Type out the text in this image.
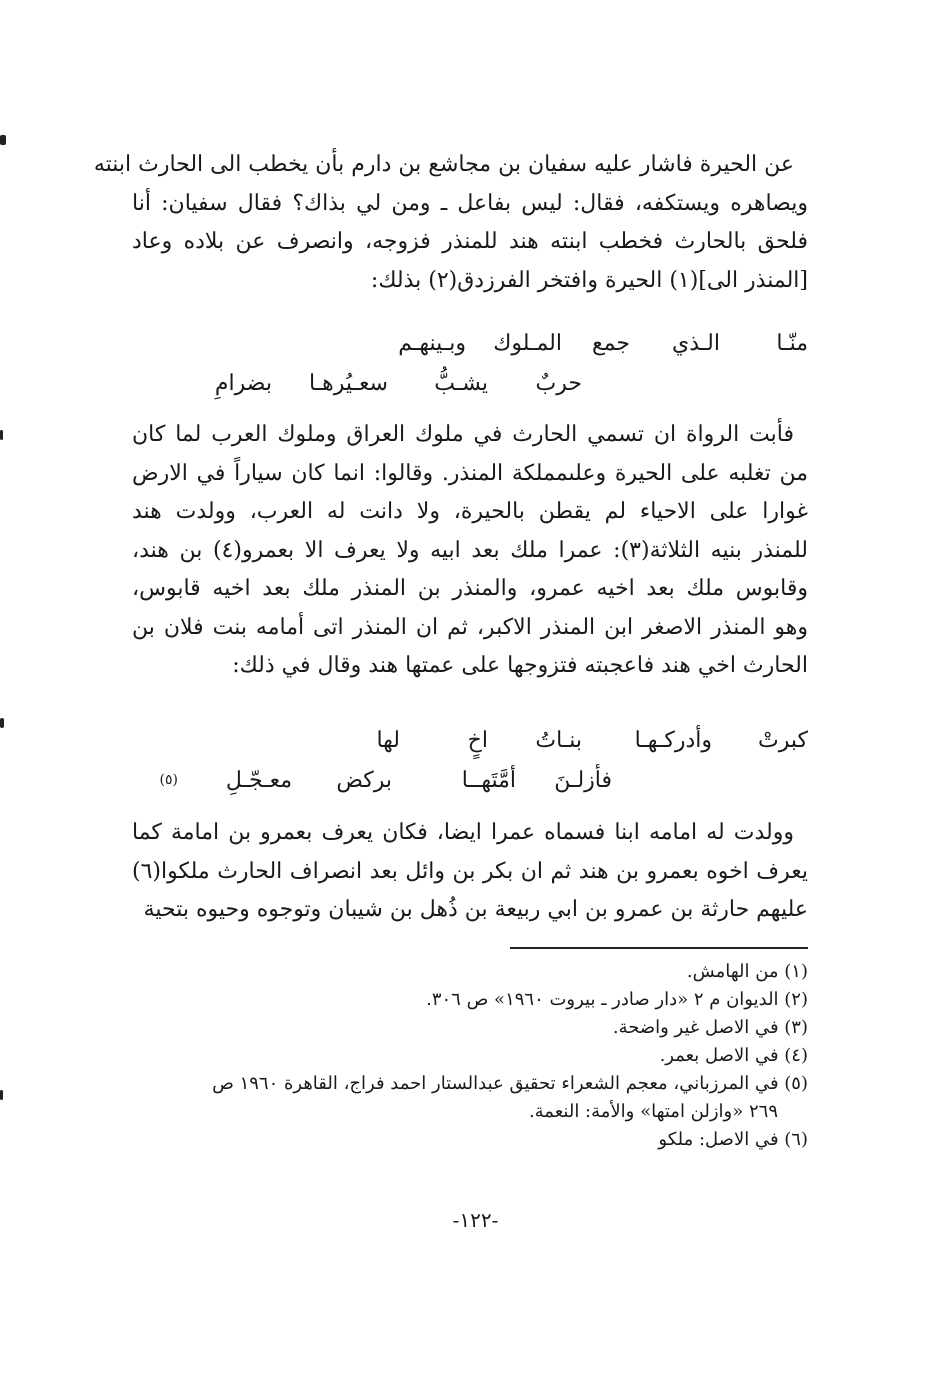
عن الحيرة فاشار عليه سفيان بن مجاشع بن دارم بأن يخطب الى الحارث ابنته
ويصاهره ويستكفه، فقال: ليس بفاعل ـ ومن لي بذاك؟ فقال سفيان: أنا
فلحق بالحارث فخطب ابنته هند للمنذر فزوجه، وانصرف عن بلاده وعاد
[المنذر الى](١) الحيرة وافتخر الفرزدق(٢) بذلك:
منّـا
الـذي
جمع
المـلوك
وبـينهـم
حربٌ
يشـبُّ
سعـيُرهـا
بضرامِ
فأبت الرواة ان تسمي الحارث في ملوك العراق وملوك العرب لما كان
من تغلبه على الحيرة وعلىمملكة المنذر. وقالوا: انما كان سياراً في الارض
غوارا على الاحياء لم يقطن بالحيرة، ولا دانت له العرب، وولدت هند
للمنذر بنيه الثلاثة(٣): عمرا ملك بعد ابيه ولا يعرف الا بعمرو(٤) بن هند،
وقابوس ملك بعد اخيه عمرو، والمنذر بن المنذر ملك بعد اخيه قابوس،
وهو المنذر الاصغر ابن المنذر الاكبر، ثم ان المنذر اتى أمامه بنت فلان بن
الحارث اخي هند فاعجبته فتزوجها على عمتها هند وقال في ذلك:
كبرتْ
وأدركـهـا
بنـاتُ
اخٍ
لها
فأزلـنَ
أمَّتَهــا
بركض
معـجّـلِ
(٥)
وولدت له امامه ابنا فسماه عمرا ايضا، فكان يعرف بعمرو بن امامة كما
يعرف اخوه بعمرو بن هند ثم ان بكر بن وائل بعد انصراف الحارث ملكوا(٦)
عليهم حارثة بن عمرو بن ابي ربيعة بن ذُهل بن شيبان وتوجوه وحيوه بتحية
(١) من الهامش.
(٢) الديوان م ٢ «دار صادر ـ بيروت ١٩٦٠» ص ٣٠٦.
(٣) في الاصل غير واضحة.
(٤) في الاصل بعمر.
(٥) في المرزباني، معجم الشعراء تحقيق عبدالستار احمد فراج، القاهرة ١٩٦٠ ص
٢٦٩ «وازلن امتها» والأمة: النعمة.
(٦) في الاصل: ملكو
-١٢٢-
